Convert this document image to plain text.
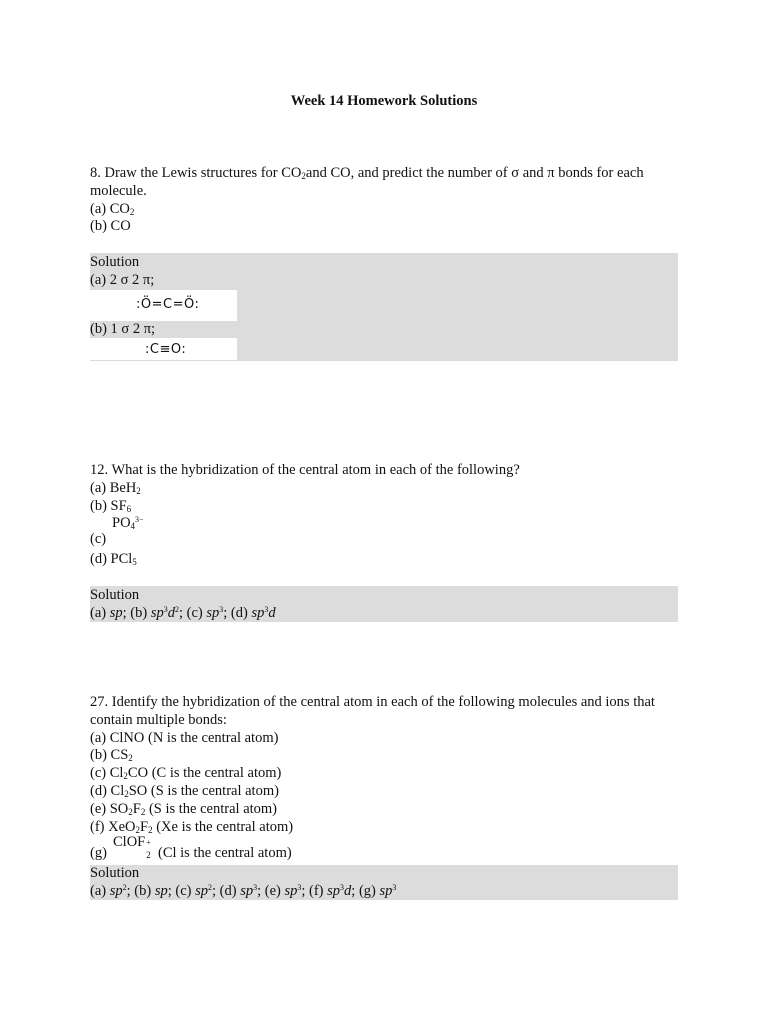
Week 14 Homework Solutions
8. Draw the Lewis structures for $CO_2and$ CO, and predict the number of σ and π bonds for each
molecule.
(a) $CO_2$
(b) CO
Solution
(a) 2 σ 2 π;
:Ö=C=Ö:
(b) 1 σ 2 π;
:C≡O:
12. What is the hybridization of the central atom in each of the following?
(a) BeH$_2$
(b) $SF_6$
(c)
$PO_4^{3-}$
(d) PCl$_5$
Solution
(a) sp; (b) $sp^3d^2$; (c) $sp^3$; (d) $sp^3d$
27. Identify the hybridization of the central atom in each of the following molecules and ions that
contain multiple bonds:
(a) ClNO (N is the central atom)
(b) $CS_2$
(c) $Cl_2CO$ (C is the central atom)
(d) $Cl_2SO$ (S is the central atom)
(e) $SO_2F_2$ (S is the central atom)
(f) $XeO_2F_2$ (Xe is the central atom)
(g)
ClOF +
2 (Cl is the central atom)
Solution
(a) $sp^2$; (b) sp; (c) $sp^2$; (d) $sp^3$; (e) $sp^3$; (f) $sp^3d$; (g) $sp^3$
